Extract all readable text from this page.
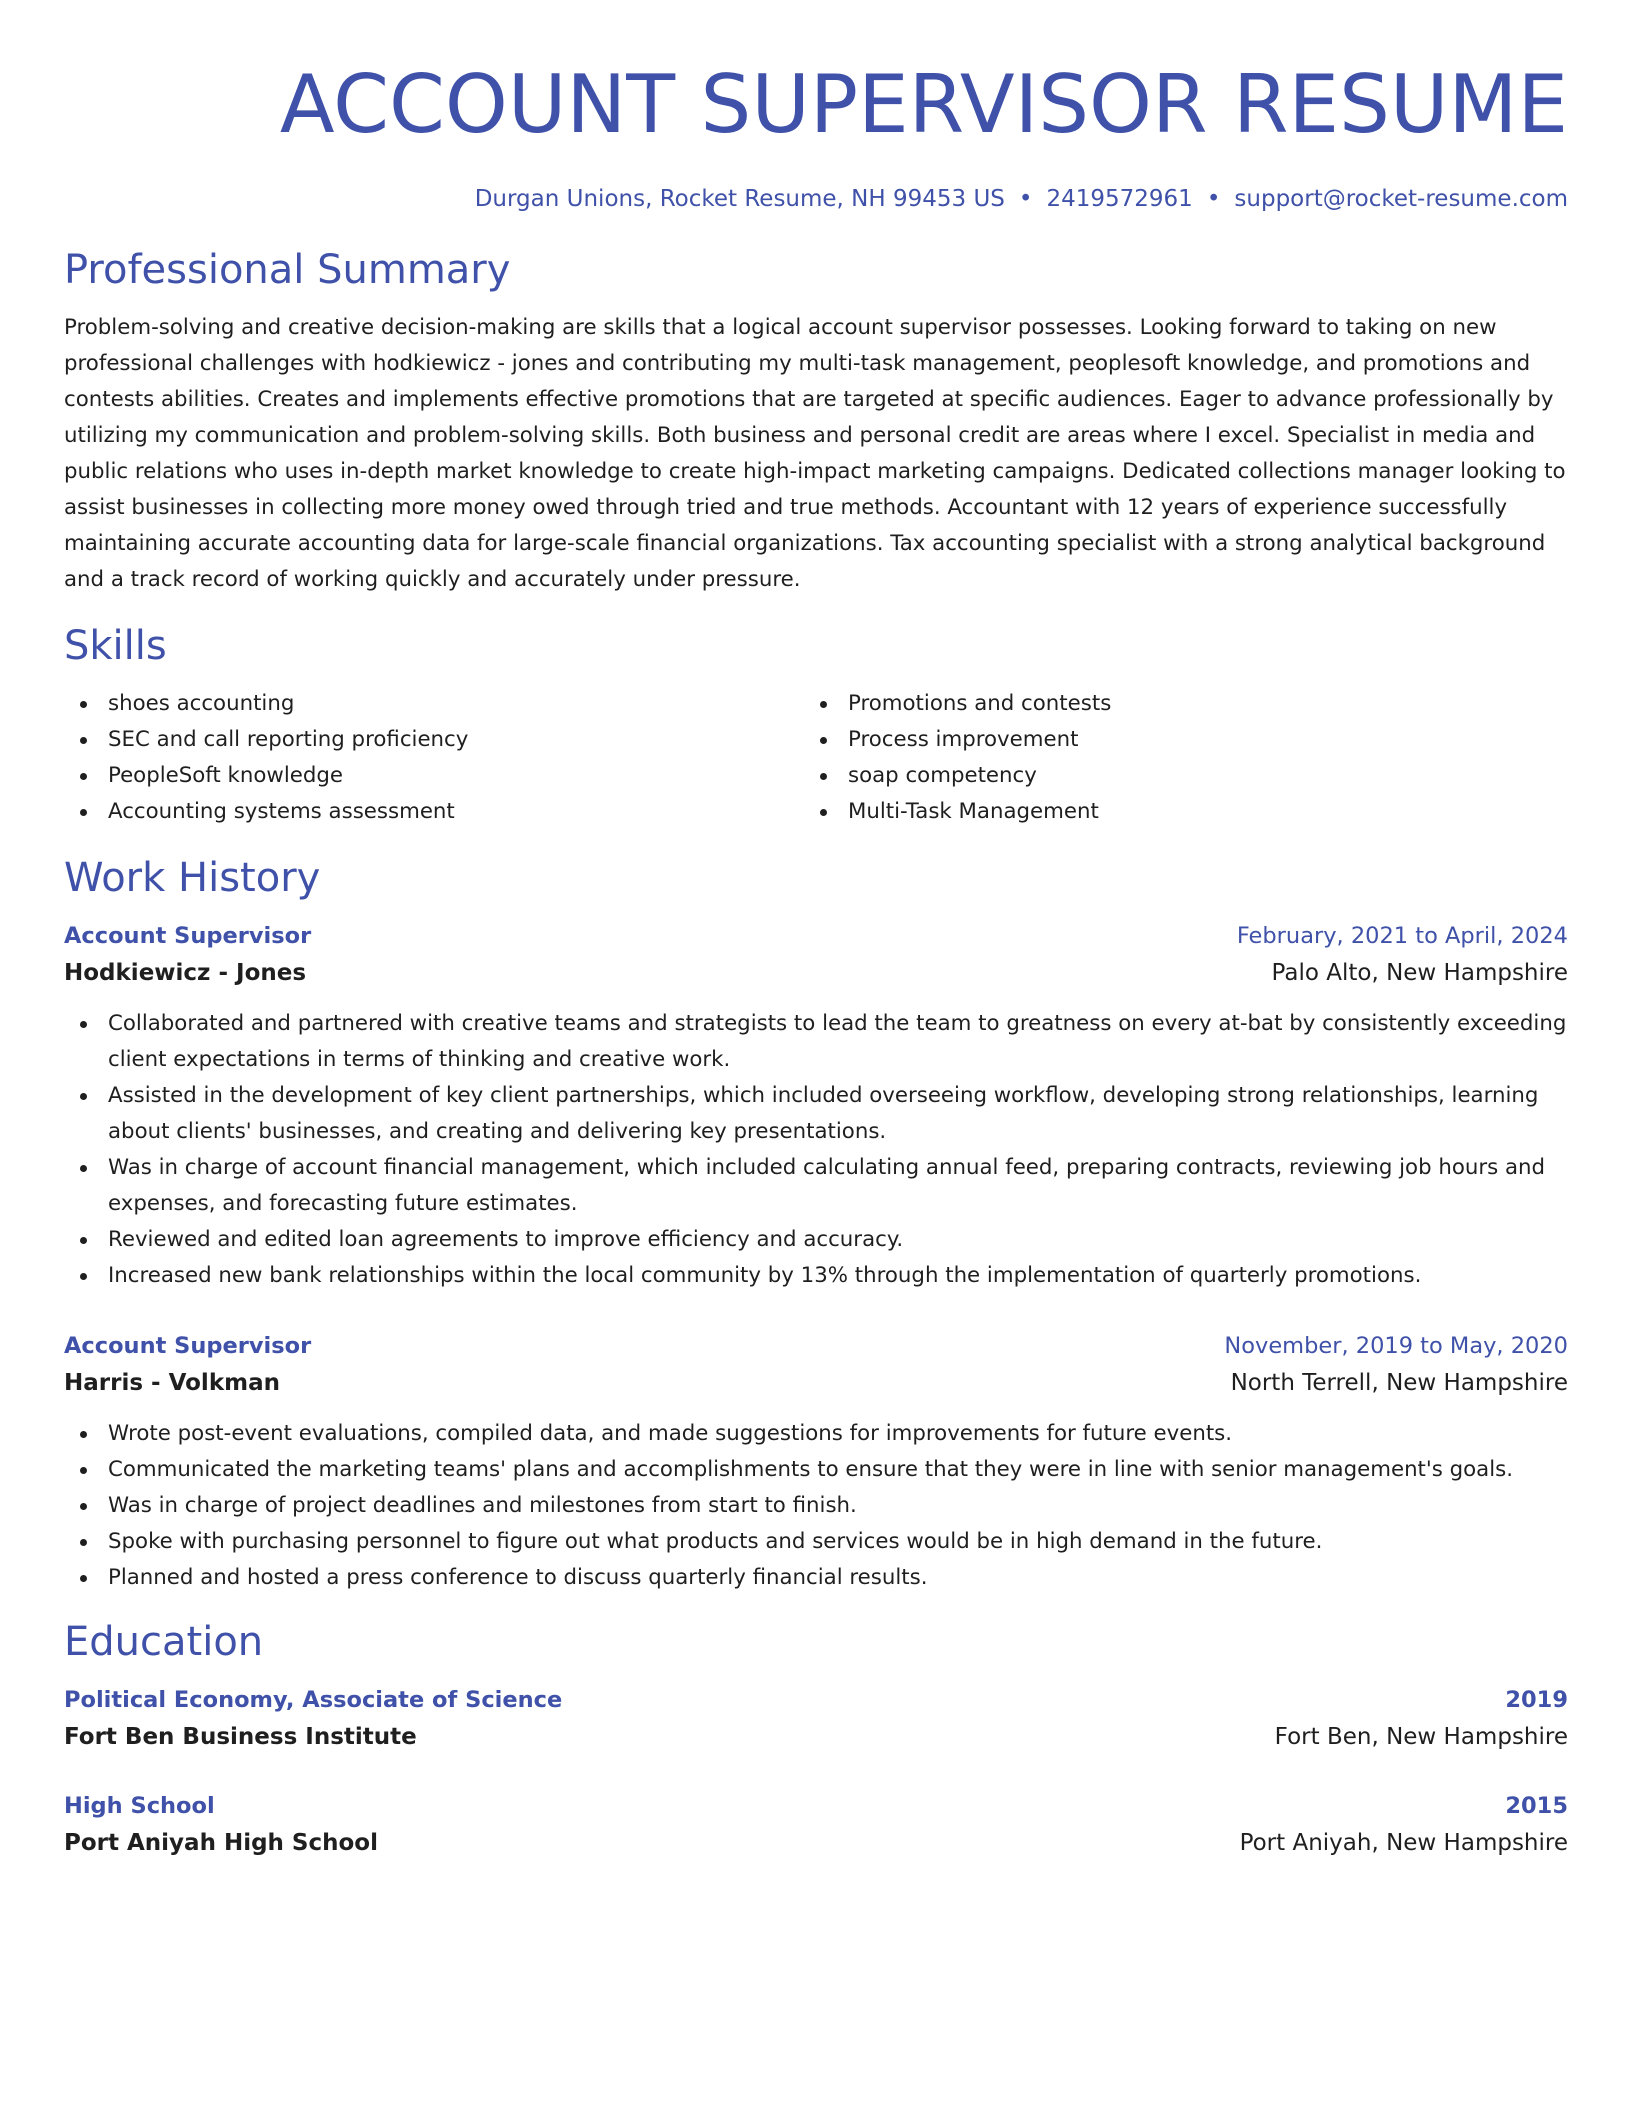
ACCOUNT SUPERVISOR RESUME
Durgan Unions, Rocket Resume, NH 99453 US • 2419572961 • support@rocket-resume.com
Professional Summary
Problem-solving and creative decision-making are skills that a logical account supervisor possesses. Looking forward to taking on new professional challenges with hodkiewicz - jones and contributing my multi-task management, peoplesoft knowledge, and promotions and contests abilities. Creates and implements effective promotions that are targeted at specific audiences. Eager to advance professionally by utilizing my communication and problem-solving skills. Both business and personal credit are areas where I excel. Specialist in media and public relations who uses in-depth market knowledge to create high-impact marketing campaigns. Dedicated collections manager looking to assist businesses in collecting more money owed through tried and true methods. Accountant with 12 years of experience successfully maintaining accurate accounting data for large-scale financial organizations. Tax accounting specialist with a strong analytical background and a track record of working quickly and accurately under pressure.
Skills
shoes accounting
SEC and call reporting proficiency
PeopleSoft knowledge
Accounting systems assessment
Promotions and contests
Process improvement
soap competency
Multi-Task Management
Work History
Account Supervisor	February, 2021 to April, 2024
Hodkiewicz - Jones	Palo Alto, New Hampshire
Collaborated and partnered with creative teams and strategists to lead the team to greatness on every at-bat by consistently exceeding client expectations in terms of thinking and creative work.
Assisted in the development of key client partnerships, which included overseeing workflow, developing strong relationships, learning about clients' businesses, and creating and delivering key presentations.
Was in charge of account financial management, which included calculating annual feed, preparing contracts, reviewing job hours and expenses, and forecasting future estimates.
Reviewed and edited loan agreements to improve efficiency and accuracy.
Increased new bank relationships within the local community by 13% through the implementation of quarterly promotions.
Account Supervisor	November, 2019 to May, 2020
Harris - Volkman	North Terrell, New Hampshire
Wrote post-event evaluations, compiled data, and made suggestions for improvements for future events.
Communicated the marketing teams' plans and accomplishments to ensure that they were in line with senior management's goals.
Was in charge of project deadlines and milestones from start to finish.
Spoke with purchasing personnel to figure out what products and services would be in high demand in the future.
Planned and hosted a press conference to discuss quarterly financial results.
Education
Political Economy, Associate of Science	2019
Fort Ben Business Institute	Fort Ben, New Hampshire
High School	2015
Port Aniyah High School	Port Aniyah, New Hampshire
